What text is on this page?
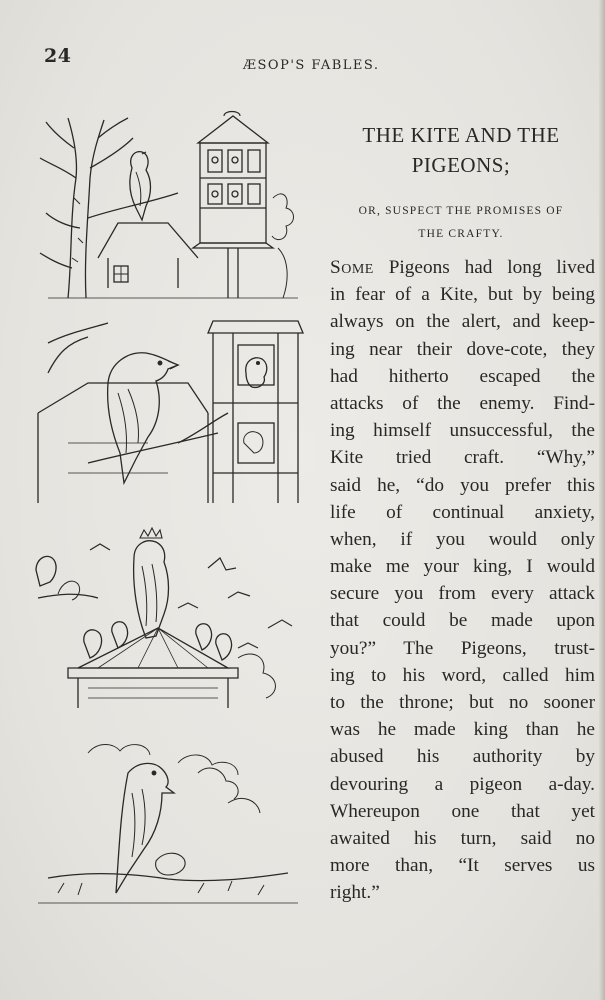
24	ÆSOP'S FABLES.
THE KITE AND THE
PIGEONS;
OR, SUSPECT THE PROMISES OF
THE CRAFTY.
Some Pigeons had long lived
in fear of a Kite, but by being
always on the alert, and keep-
ing near their dove-cote, they
had hitherto escaped the
attacks of the enemy. Find-
ing himself unsuccessful, the
Kite tried craft. “Why,”
said he, “do you prefer this
life of continual anxiety,
when, if you would only
make me your king, I would
secure you from every attack
that could be made upon
you?” The Pigeons, trust-
ing to his word, called him
to the throne; but no sooner
was he made king than he
abused his authority by
devouring a pigeon a-day.
Whereupon one that yet
awaited his turn, said no
more than, “It serves us
right.”
